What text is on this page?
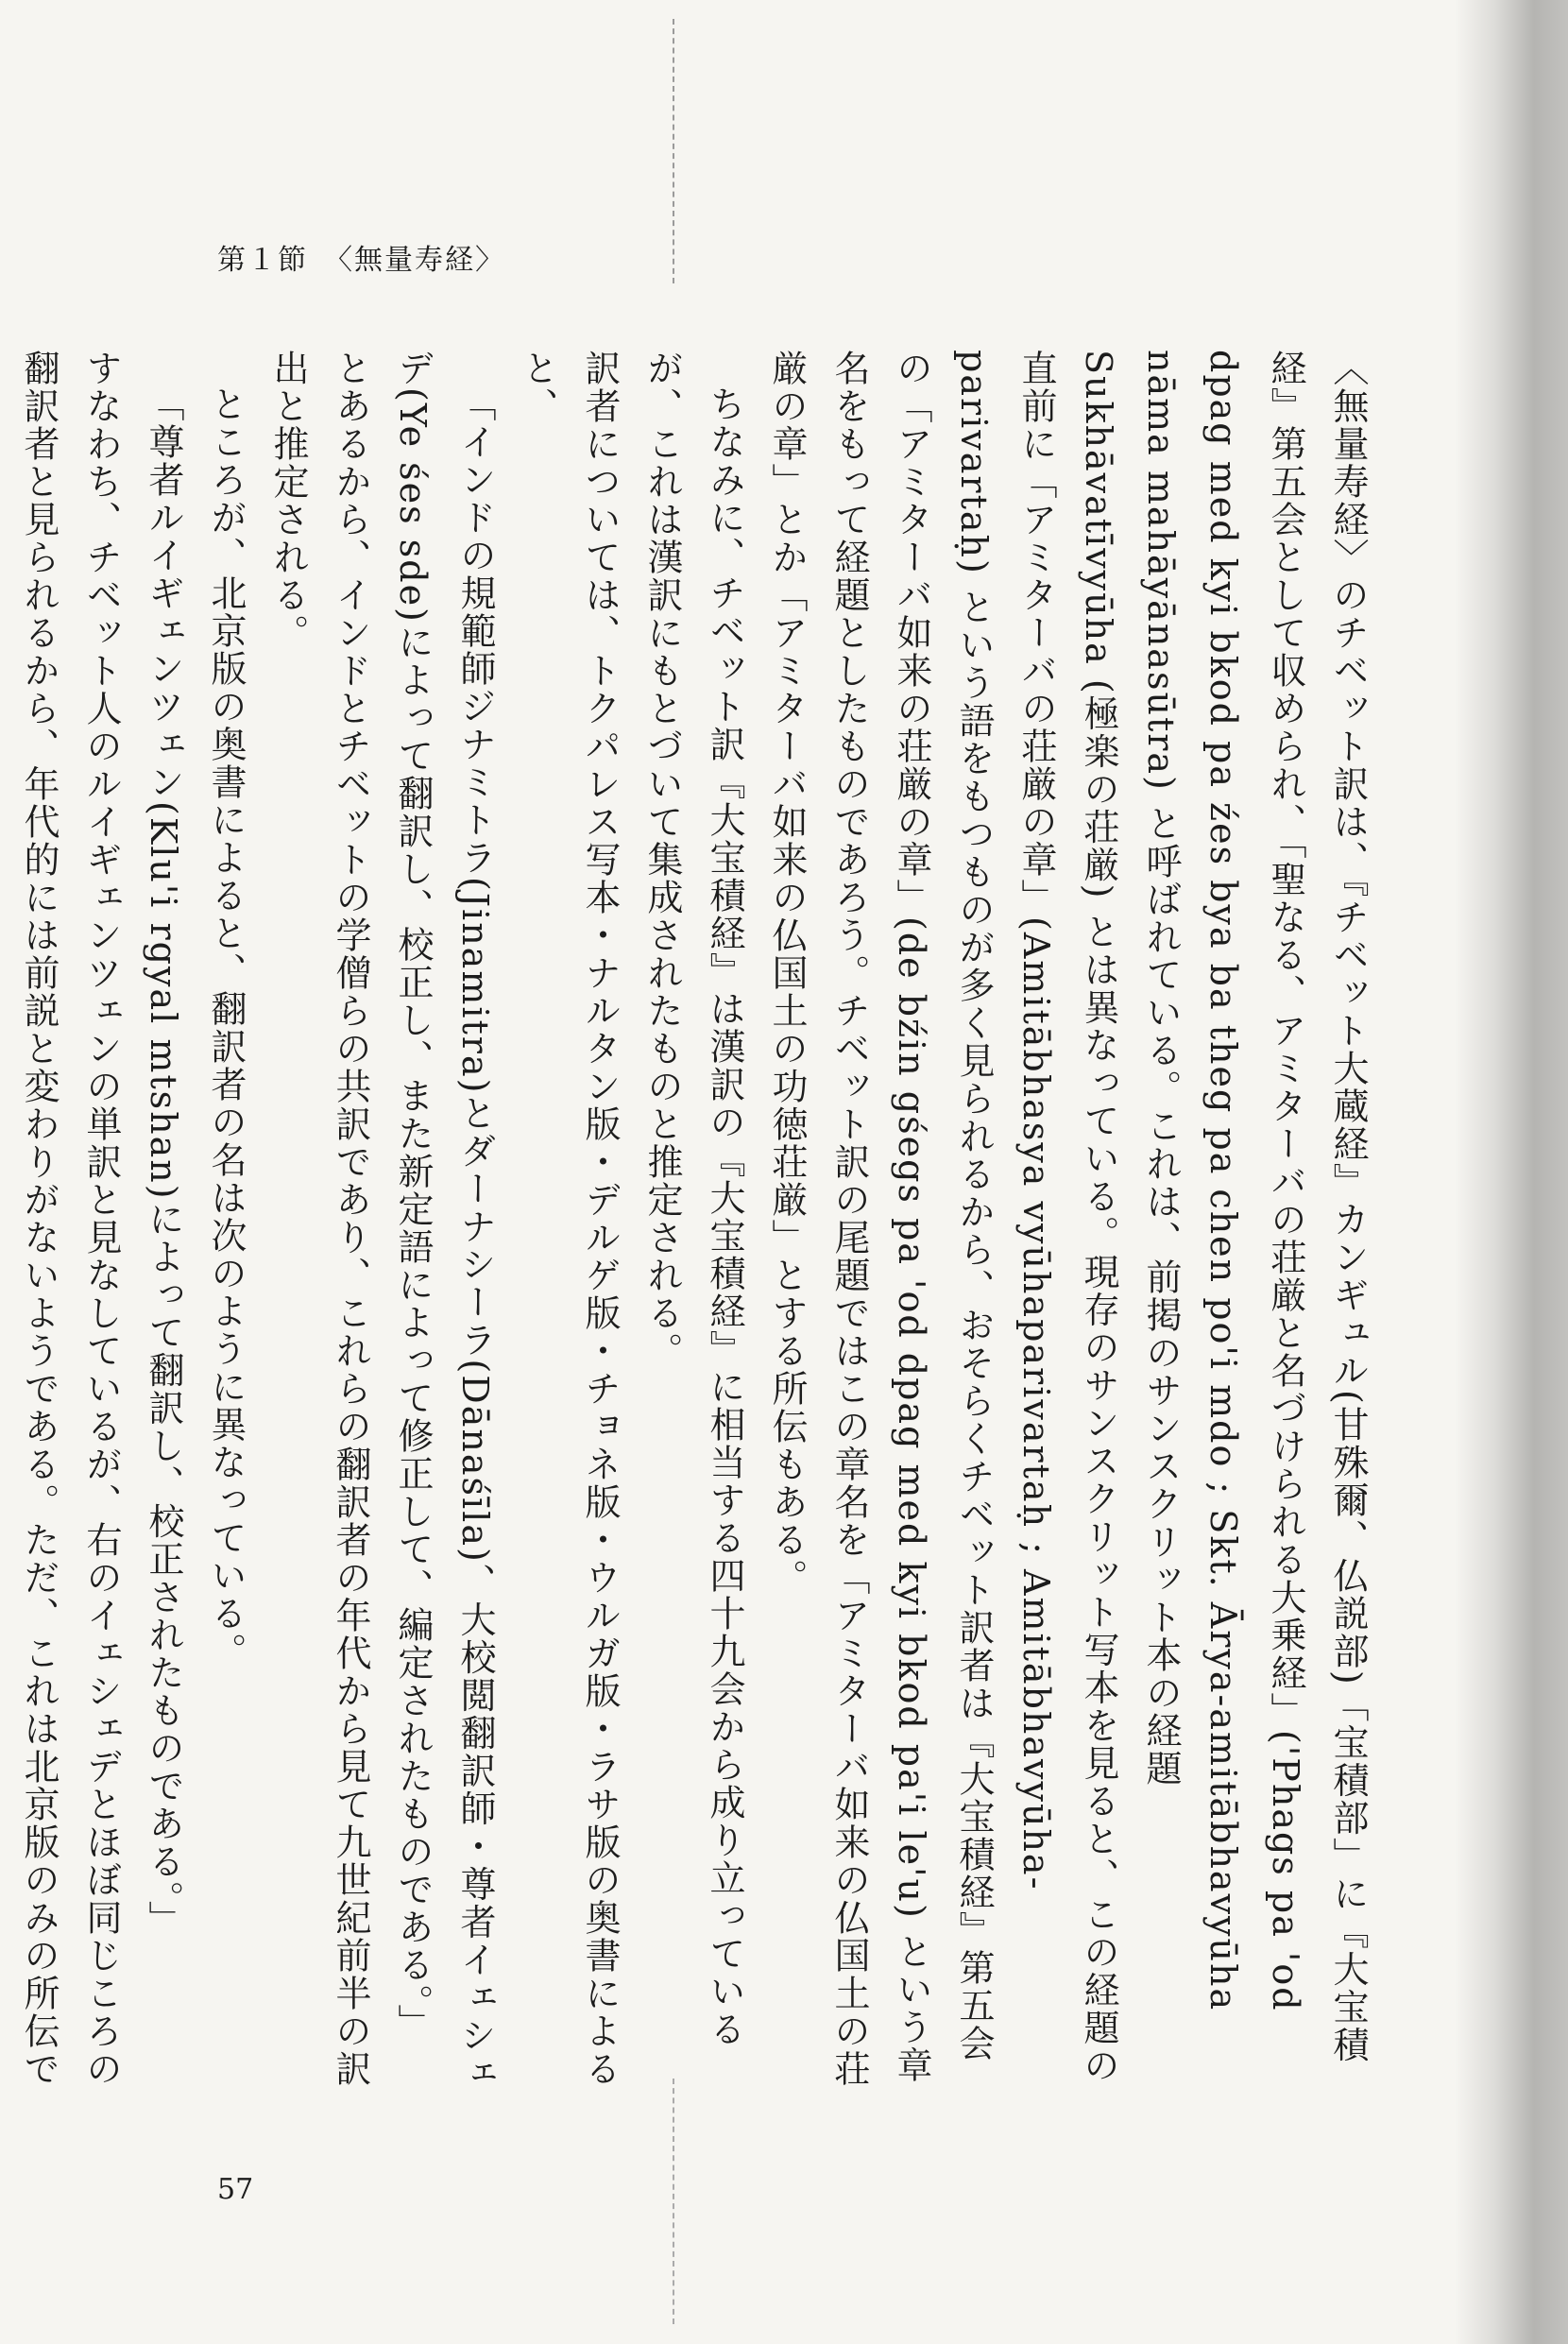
第１節　〈無量寿経〉

〈無量寿経〉のチベット訳は、『チベット大蔵経』カンギュル(甘殊爾、仏説部)「宝積部」に『大宝積経』第五会として収められ、「聖なる、アミターバの荘厳と名づけられる大乗経」('Phags pa 'od dpag med kyi bkod pa źes bya ba theg pa chen po'i mdo ; Skt. Ārya-amitābhavyūha nāma mahāyānasūtra) と呼ばれている。これは、前掲のサンスクリット本の経題 Sukhāvatīvyūha (極楽の荘厳) とは異なっている。現存のサンスクリット写本を見ると、この経題の直前に「アミターバの荘厳の章」(Amitābhasya vyūhaparivartaḥ ; Amitābhavyūha-parivartaḥ) という語をもつものが多く見られるから、おそらくチベット訳者は『大宝積経』第五会の「アミターバ如来の荘厳の章」(de bźin gśegs pa 'od dpag med kyi bkod pa'i le'u) という章名をもって経題としたものであろう。チベット訳の尾題ではこの章名を「アミターバ如来の仏国土の荘厳の章」とか「アミターバ如来の仏国土の功徳荘厳」とする所伝もある。

ちなみに、チベット訳『大宝積経』は漢訳の『大宝積経』に相当する四十九会から成り立っているが、これは漢訳にもとづいて集成されたものと推定される。

訳者については、トクパレス写本・ナルタン版・デルゲ版・チョネ版・ウルガ版・ラサ版の奥書によると、

「インドの規範師ジナミトラ(Jinamitra)とダーナシーラ(Dānaśīla)、大校閲翻訳師・尊者イェシェデ(Ye śes sde)によって翻訳し、校正し、また新定語によって修正して、編定されたものである。」

とあるから、インドとチベットの学僧らの共訳であり、これらの翻訳者の年代から見て九世紀前半の訳出と推定される。

ところが、北京版の奥書によると、翻訳者の名は次のように異なっている。

「尊者ルイギェンツェン(Klu'i rgyal mtshan)によって翻訳し、校正されたものである。」

すなわち、チベット人のルイギェンツェンの単訳と見なしているが、右のイェシェデとほぼ同じころの翻訳者と見られるから、年代的には前説と変わりがないようである。ただ、これは北京版のみの所伝で

57
